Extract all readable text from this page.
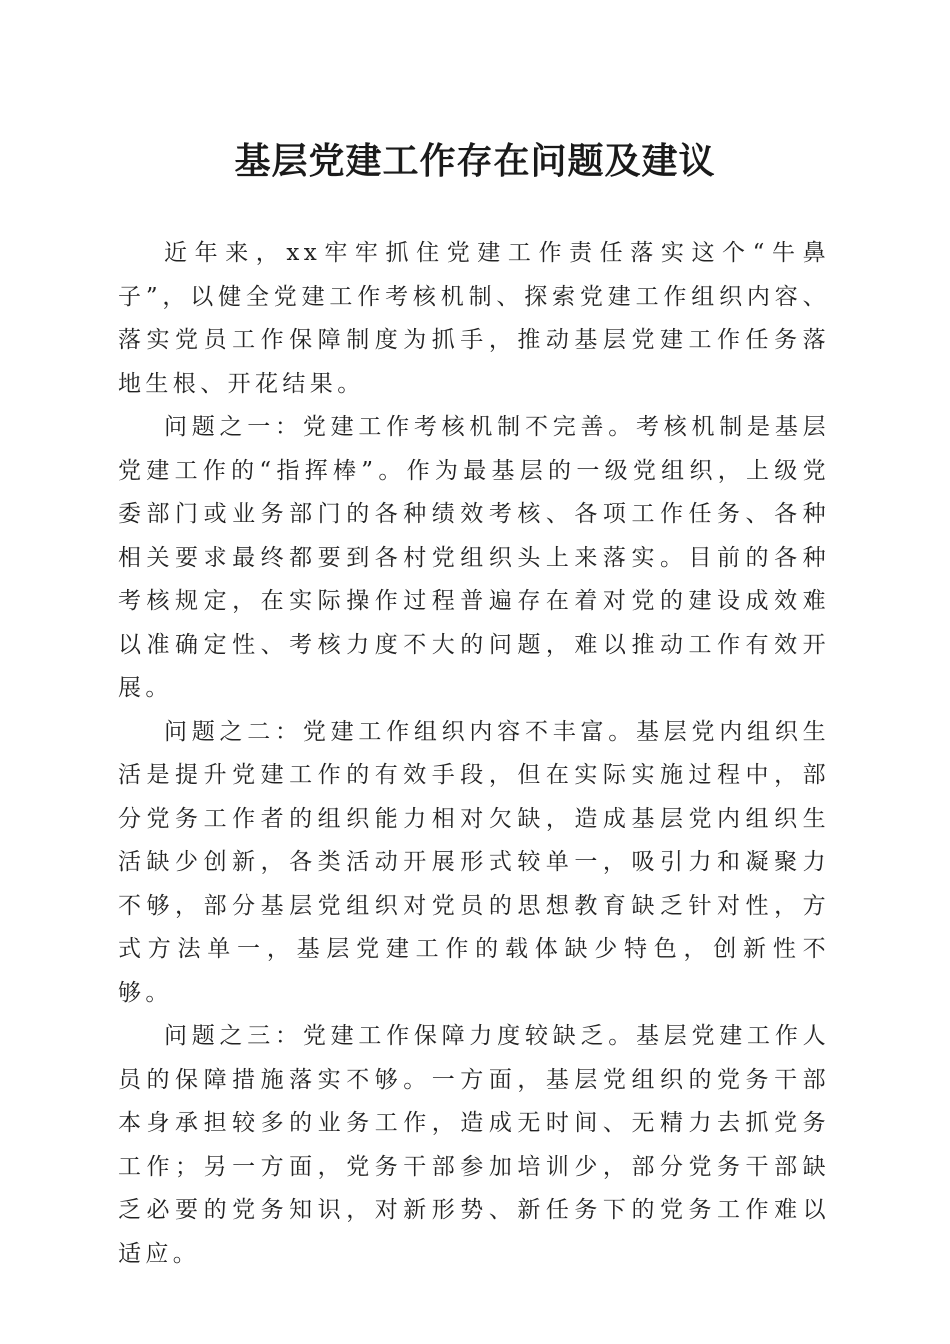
基层党建工作存在问题及建议

近年来，xx牢牢抓住党建工作责任落实这个“牛鼻子”，以健全党建工作考核机制、探索党建工作组织内容、落实党员工作保障制度为抓手，推动基层党建工作任务落地生根、开花结果。

问题之一：党建工作考核机制不完善。考核机制是基层党建工作的“指挥棒”。作为最基层的一级党组织，上级党委部门或业务部门的各种绩效考核、各项工作任务、各种相关要求最终都要到各村党组织头上来落实。目前的各种考核规定，在实际操作过程普遍存在着对党的建设成效难以准确定性、考核力度不大的问题，难以推动工作有效开展。

问题之二：党建工作组织内容不丰富。基层党内组织生活是提升党建工作的有效手段，但在实际实施过程中，部分党务工作者的组织能力相对欠缺，造成基层党内组织生活缺少创新，各类活动开展形式较单一，吸引力和凝聚力不够，部分基层党组织对党员的思想教育缺乏针对性，方式方法单一，基层党建工作的载体缺少特色，创新性不够。

问题之三：党建工作保障力度较缺乏。基层党建工作人员的保障措施落实不够。一方面，基层党组织的党务干部本身承担较多的业务工作，造成无时间、无精力去抓党务工作；另一方面，党务干部参加培训少，部分党务干部缺乏必要的党务知识，对新形势、新任务下的党务工作难以适应。
